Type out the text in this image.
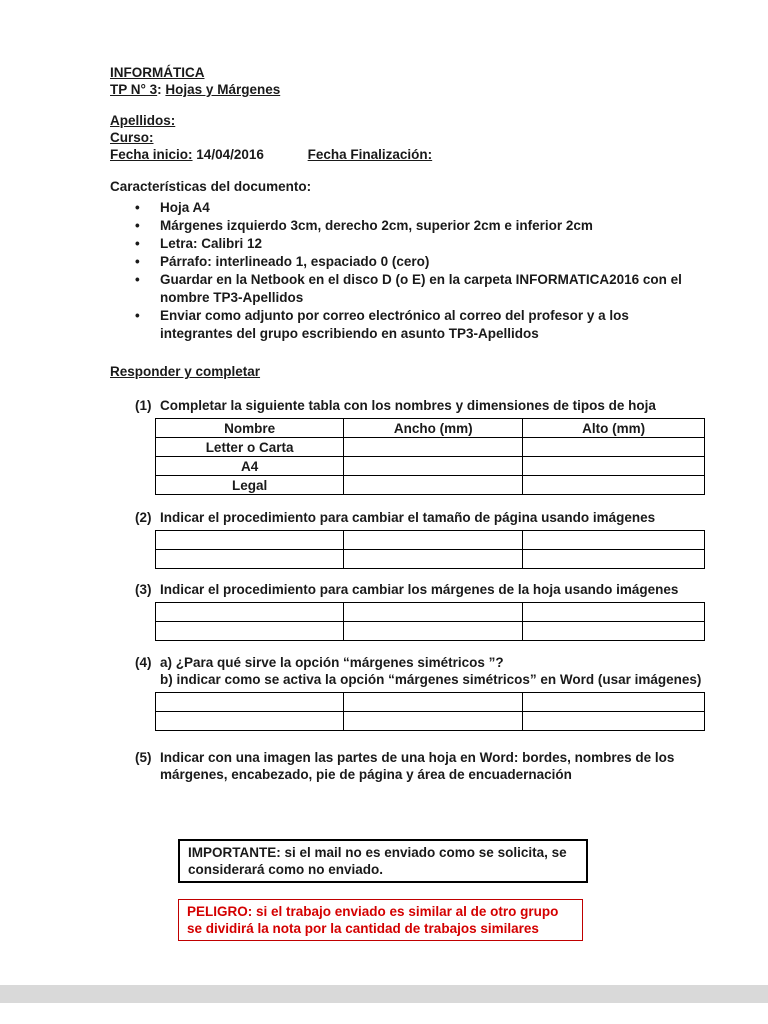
INFORMÁTICA
TP N° 3: Hojas y Márgenes
Apellidos:
Curso:
Fecha inicio: 14/04/2016	Fecha Finalización:
Características del documento:
•	Hoja A4
•	Márgenes izquierdo 3cm, derecho 2cm, superior 2cm e inferior 2cm
•	Letra: Calibri 12
•	Párrafo: interlineado 1, espaciado 0 (cero)
•	Guardar en la Netbook en el disco D (o E) en la carpeta INFORMATICA2016 con el nombre TP3-Apellidos
•	Enviar como adjunto por correo electrónico al correo del profesor y a los integrantes del grupo escribiendo en asunto TP3-Apellidos
Responder y completar
(1) Completar la siguiente tabla con los nombres y dimensiones de tipos de hoja
Nombre	Ancho (mm)	Alto (mm)
Letter o Carta		
A4		
Legal		
(2) Indicar el procedimiento para cambiar el tamaño de página usando imágenes

(3) Indicar el procedimiento para cambiar los márgenes de la hoja usando imágenes

(4) a) ¿Para qué sirve la opción “márgenes simétricos ”?
b) indicar como se activa la opción “márgenes simétricos” en Word (usar imágenes)

(5) Indicar con una imagen las partes de una hoja en Word: bordes, nombres de los márgenes, encabezado, pie de página y área de encuadernación
IMPORTANTE: si el mail no es enviado como se solicita, se considerará como no enviado.
PELIGRO: si el trabajo enviado es similar al de otro grupo se dividirá la nota por la cantidad de trabajos similares
